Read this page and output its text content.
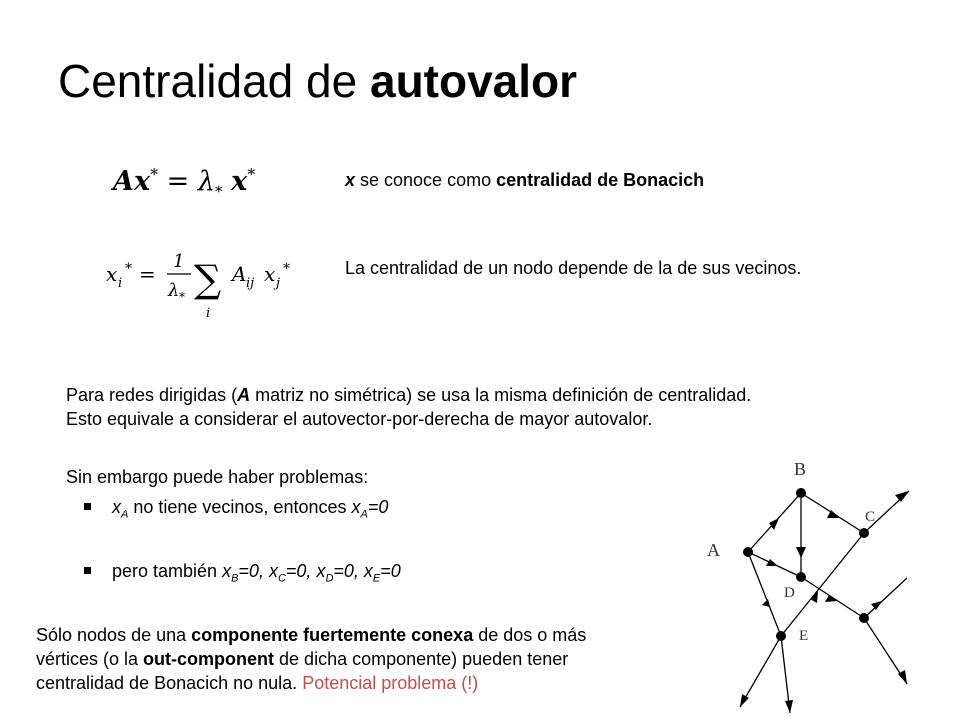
Centralidad de autovalor
$Ax^* = \lambda_*$ x*
x i
* =
1
λ * ∑
i
A ij x j
*
x se conoce como centralidad de Bonacich
La centralidad de un nodo depende de la de sus vecinos.
Para redes dirigidas (A matriz no simétrica) se usa la misma definición de centralidad.
Esto equivale a considerar el autovector-por-derecha de mayor autovalor.
Sin embargo puede haber problemas:
$x_A$ no tiene vecinos, entonces $x_A=0$
pero también $x_B=0$, $x_C=0$, $x_D=0$, $x_E=0$
Sólo nodos de una componente fuertemente conexa de dos o más
vértices (o la out-component de dicha componente) pueden tener
centralidad de Bonacich no nula. Potencial problema (!)
A
B
C
D
E
